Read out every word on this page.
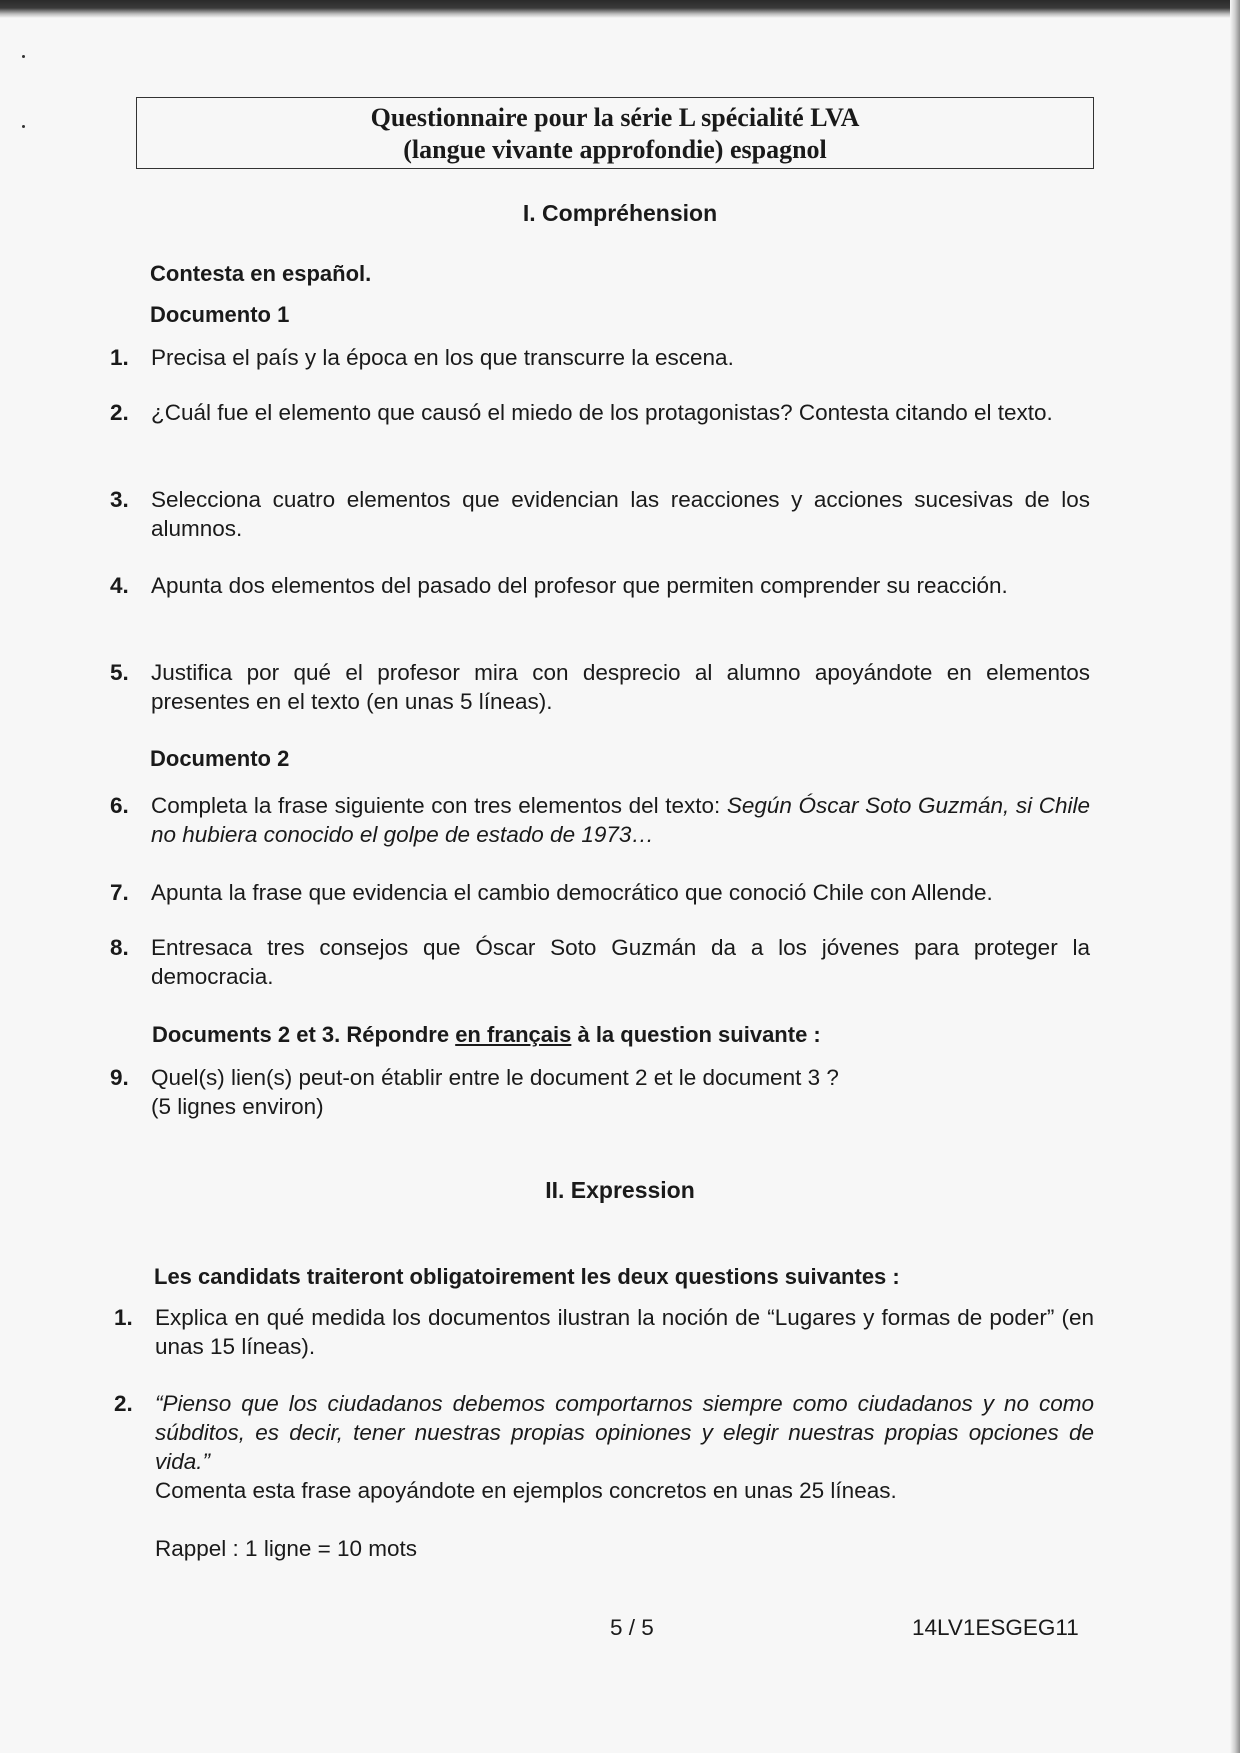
Questionnaire pour la série L spécialité LVA
(langue vivante approfondie) espagnol
I. Compréhension
Contesta en español.
Documento 1
1. Precisa el país y la época en los que transcurre la escena.
2. ¿Cuál fue el elemento que causó el miedo de los protagonistas? Contesta citando el texto.
3. Selecciona cuatro elementos que evidencian las reacciones y acciones sucesivas de los alumnos.
4. Apunta dos elementos del pasado del profesor que permiten comprender su reacción.
5. Justifica por qué el profesor mira con desprecio al alumno apoyándote en elementos presentes en el texto (en unas 5 líneas).
Documento 2
6. Completa la frase siguiente con tres elementos del texto: Según Óscar Soto Guzmán, si Chile no hubiera conocido el golpe de estado de 1973…
7. Apunta la frase que evidencia el cambio democrático que conoció Chile con Allende.
8. Entresaca tres consejos que Óscar Soto Guzmán da a los jóvenes para proteger la democracia.
Documents 2 et 3. Répondre en français à la question suivante :
9. Quel(s) lien(s) peut-on établir entre le document 2 et le document 3 ?
(5 lignes environ)
II. Expression
Les candidats traiteront obligatoirement les deux questions suivantes :
1. Explica en qué medida los documentos ilustran la noción de “Lugares y formas de poder” (en unas 15 líneas).
2. “Pienso que los ciudadanos debemos comportarnos siempre como ciudadanos y no como súbditos, es decir, tener nuestras propias opiniones y elegir nuestras propias opciones de vida.”
Comenta esta frase apoyándote en ejemplos concretos en unas 25 líneas.
Rappel : 1 ligne = 10 mots
5 / 5	14LV1ESGEG11
